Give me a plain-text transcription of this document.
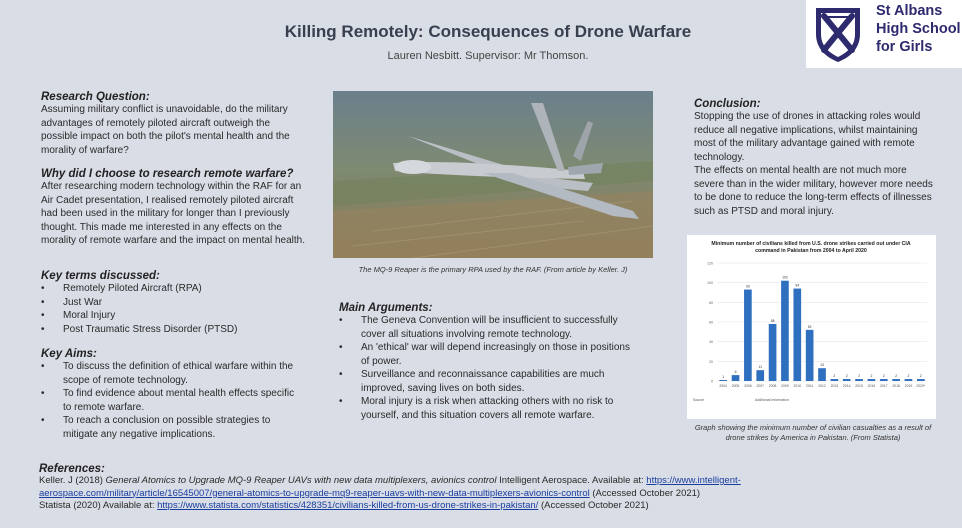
Killing Remotely: Consequences of Drone Warfare
Lauren Nesbitt. Supervisor: Mr Thomson.
St Albans
High School
for Girls
Research Question:
Assuming military conflict is unavoidable, do the military advantages of remotely piloted aircraft outweigh the possible impact on both the pilot's mental health and the morality of warfare?
Why did I choose to research remote warfare?
After researching modern technology within the RAF for an Air Cadet presentation, I realised remotely piloted aircraft had been used in the military for longer than I previously thought. This made me interested in any effects on the morality of remote warfare and the impact on mental health.
Key terms discussed:
• Remotely Piloted Aircraft (RPA)
• Just War
• Moral Injury
• Post Traumatic Stress Disorder (PTSD)
Key Aims:
• To discuss the definition of ethical warfare within the scope of remote technology.
• To find evidence about mental health effects specific to remote warfare.
• To reach a conclusion on possible strategies to mitigate any negative implications.
The MQ-9 Reaper is the primary RPA used by the RAF. (From article by Keller. J)
Main Arguments:
• The Geneva Convention will be insufficient to successfully cover all situations involving remote technology.
• An 'ethical' war will depend increasingly on those in positions of power.
• Surveillance and reconnaissance capabilities are much improved, saving lives on both sides.
• Moral injury is a risk when attacking others with no risk to yourself, and this situation covers all remote warfare.
Conclusion:
Stopping the use of drones in attacking roles would reduce all negative implications, whilst maintaining most of the military advantage gained with remote technology.
The effects on mental health are not much more severe than in the wider military, however more needs to be done to reduce the long-term effects of illnesses such as PTSD and moral injury.
Minimum number of civilians killed from U.S. drone strikes carried out under CIA
command in Pakistan from 2004 to April 2020
1
6
93
11
58
102
94
52
13
2	2	2	2	2	2	2	2
2004 2005 2006 2007 2008 2009 2010 2011 2012 2013 2014 2015 2016 2017 2018 2019 2020*
0
20
40
60
80
100
120
Source	Additional Information
Graph showing the minimum number of civilian casualties as a result of drone strikes by America in Pakistan. (From Statista)
References:
Keller. J (2018) General Atomics to Upgrade MQ-9 Reaper UAVs with new data multiplexers, avionics control Intelligent Aerospace. Available at: https://www.intelligent-
aerospace.com/military/article/16545007/general-atomics-to-upgrade-mq9-reaper-uavs-with-new-data-multiplexers-avionics-control (Accessed October 2021)
Statista (2020) Available at: https://www.statista.com/statistics/428351/civilians-killed-from-us-drone-strikes-in-pakistan/ (Accessed October 2021)
